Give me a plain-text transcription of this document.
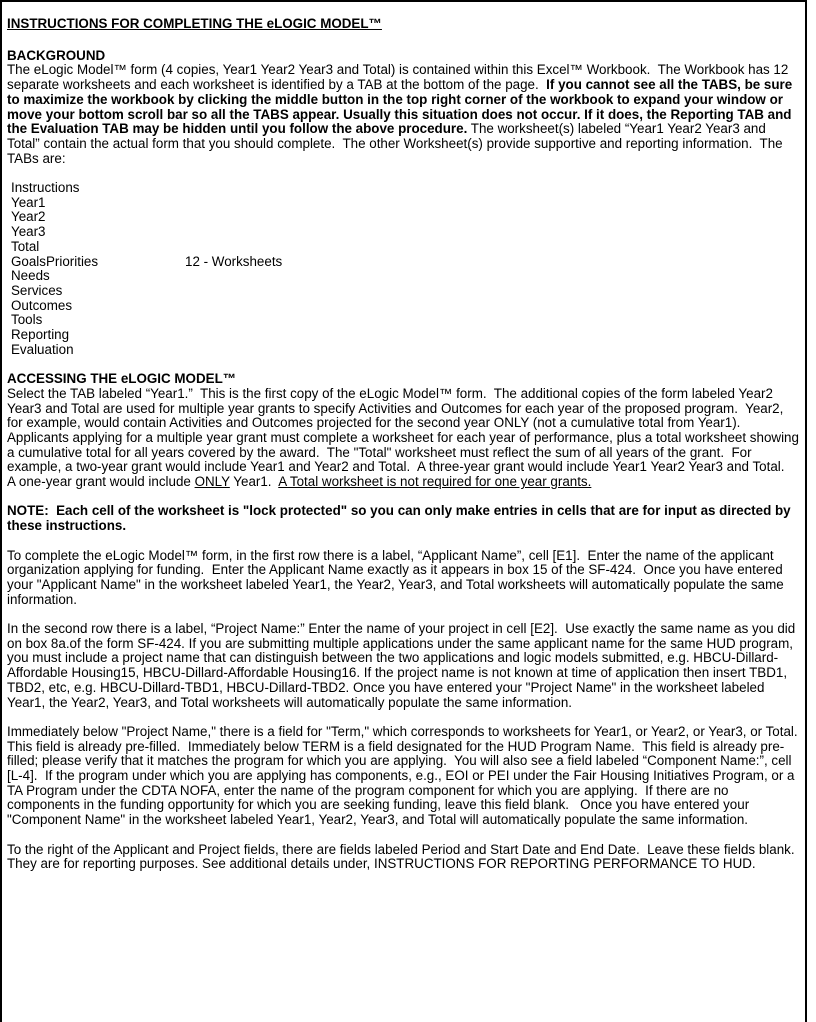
INSTRUCTIONS FOR COMPLETING THE eLOGIC MODEL™
BACKGROUND
The eLogic Model™ form (4 copies, Year1 Year2 Year3 and Total) is contained within this Excel™ Workbook.  The Workbook has 12 separate worksheets and each worksheet is identified by a TAB at the bottom of the page.  If you cannot see all the TABS, be sure to maximize the workbook by clicking the middle button in the top right corner of the workbook to expand your window or move your bottom scroll bar so all the TABS appear. Usually this situation does not occur. If it does, the Reporting TAB and the Evaluation TAB may be hidden until you follow the above procedure. The worksheet(s) labeled “Year1 Year2 Year3 and Total” contain the actual form that you should complete.  The other Worksheet(s) provide supportive and reporting information.  The TABs are:
Instructions
Year1
Year2
Year3
Total
GoalsPriorities	12 - Worksheets
Needs
Services
Outcomes
Tools
Reporting
Evaluation
ACCESSING THE eLOGIC MODEL™
Select the TAB labeled “Year1.”  This is the first copy of the eLogic Model™ form.  The additional copies of the form labeled Year2 Year3 and Total are used for multiple year grants to specify Activities and Outcomes for each year of the proposed program.  Year2, for example, would contain Activities and Outcomes projected for the second year ONLY (not a cumulative total from Year1).  Applicants applying for a multiple year grant must complete a worksheet for each year of performance, plus a total worksheet showing a cumulative total for all years covered by the award.  The "Total" worksheet must reflect the sum of all years of the grant.  For example, a two-year grant would include Year1 and Year2 and Total.  A three-year grant would include Year1 Year2 Year3 and Total.  A one-year grant would include ONLY Year1.  A Total worksheet is not required for one year grants.
NOTE:  Each cell of the worksheet is "lock protected" so you can only make entries in cells that are for input as directed by these instructions.
To complete the eLogic Model™ form, in the first row there is a label, “Applicant Name”, cell [E1].  Enter the name of the applicant organization applying for funding.  Enter the Applicant Name exactly as it appears in box 15 of the SF-424.  Once you have entered your "Applicant Name" in the worksheet labeled Year1, the Year2, Year3, and Total worksheets will automatically populate the same information.
In the second row there is a label, “Project Name:” Enter the name of your project in cell [E2].  Use exactly the same name as you did on box 8a.of the form SF-424. If you are submitting multiple applications under the same applicant name for the same HUD program, you must include a project name that can distinguish between the two applications and logic models submitted, e.g. HBCU-Dillard-Affordable Housing15, HBCU-Dillard-Affordable Housing16. If the project name is not known at time of application then insert TBD1, TBD2, etc, e.g. HBCU-Dillard-TBD1, HBCU-Dillard-TBD2. Once you have entered your "Project Name" in the worksheet labeled Year1, the Year2, Year3, and Total worksheets will automatically populate the same information.
Immediately below "Project Name," there is a field for "Term," which corresponds to worksheets for Year1, or Year2, or Year3, or Total.  This field is already pre-filled.  Immediately below TERM is a field designated for the HUD Program Name.  This field is already pre-filled; please verify that it matches the program for which you are applying.  You will also see a field labeled “Component Name:”, cell [L-4].  If the program under which you are applying has components, e.g., EOI or PEI under the Fair Housing Initiatives Program, or a TA Program under the CDTA NOFA, enter the name of the program component for which you are applying.  If there are no components in the funding opportunity for which you are seeking funding, leave this field blank.   Once you have entered your "Component Name" in the worksheet labeled Year1, Year2, Year3, and Total will automatically populate the same information.
To the right of the Applicant and Project fields, there are fields labeled Period and Start Date and End Date.  Leave these fields blank. They are for reporting purposes. See additional details under, INSTRUCTIONS FOR REPORTING PERFORMANCE TO HUD.
